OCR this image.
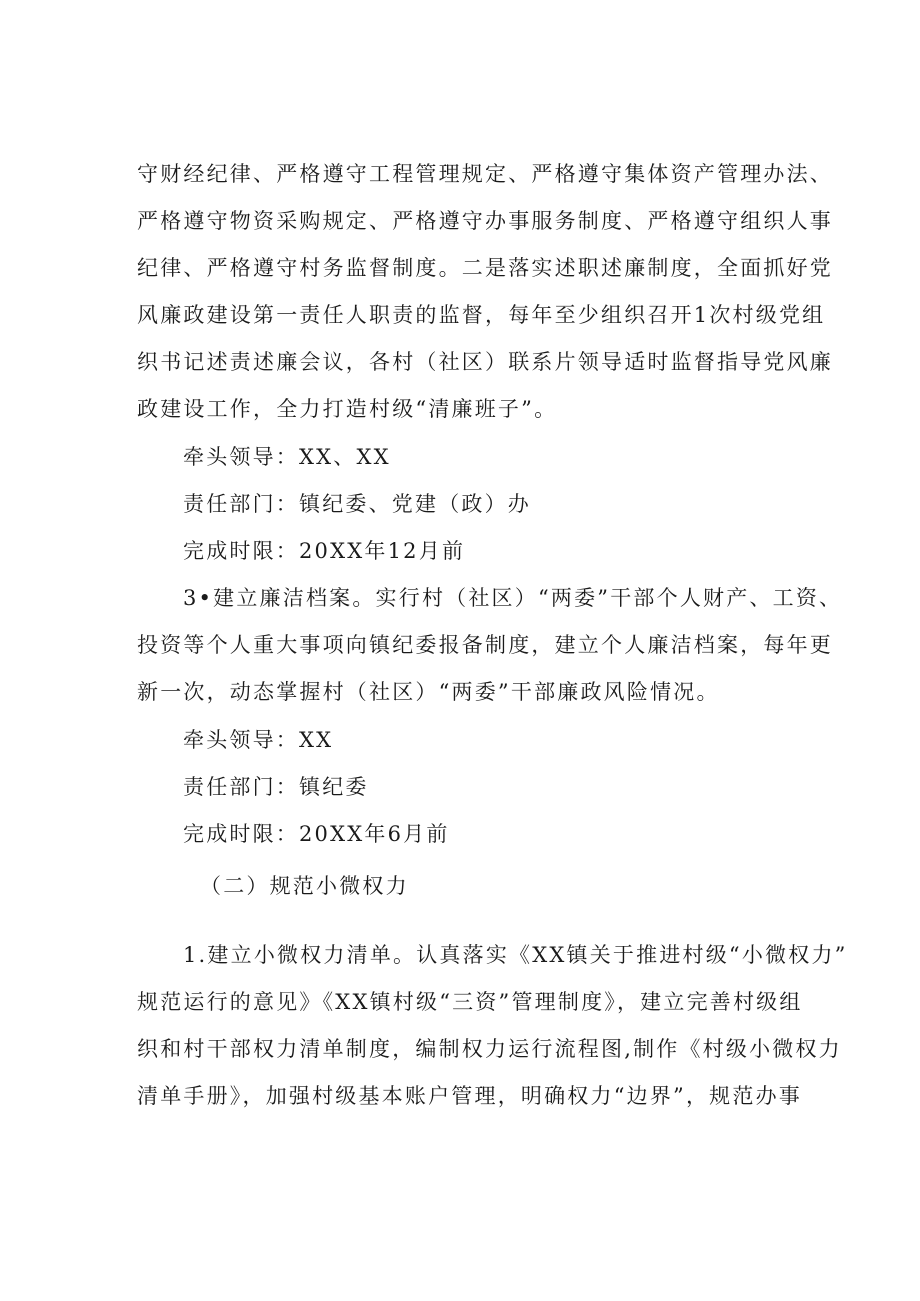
守财经纪律、严格遵守工程管理规定、严格遵守集体资产管理办法、
严格遵守物资采购规定、严格遵守办事服务制度、严格遵守组织人事
纪律、严格遵守村务监督制度。二是落实述职述廉制度，全面抓好党
风廉政建设第一责任人职责的监督，每年至少组织召开1次村级党组
织书记述责述廉会议，各村（社区）联系片领导适时监督指导党风廉
政建设工作，全力打造村级“清廉班子”。
牵头领导：XX、XX
责任部门：镇纪委、党建（政）办
完成时限：20XX年12月前
3•建立廉洁档案。实行村（社区）“两委”干部个人财产、工资、
投资等个人重大事项向镇纪委报备制度，建立个人廉洁档案，每年更
新一次，动态掌握村（社区）“两委”干部廉政风险情况。
牵头领导：XX
责任部门：镇纪委
完成时限：20XX年6月前
（二）规范小微权力
1.建立小微权力清单。认真落实《XX镇关于推进村级“小微权力”
规范运行的意见》《XX镇村级“三资”管理制度》，建立完善村级组
织和村干部权力清单制度，编制权力运行流程图,制作《村级小微权力
清单手册》，加强村级基本账户管理，明确权力“边界”，规范办事
